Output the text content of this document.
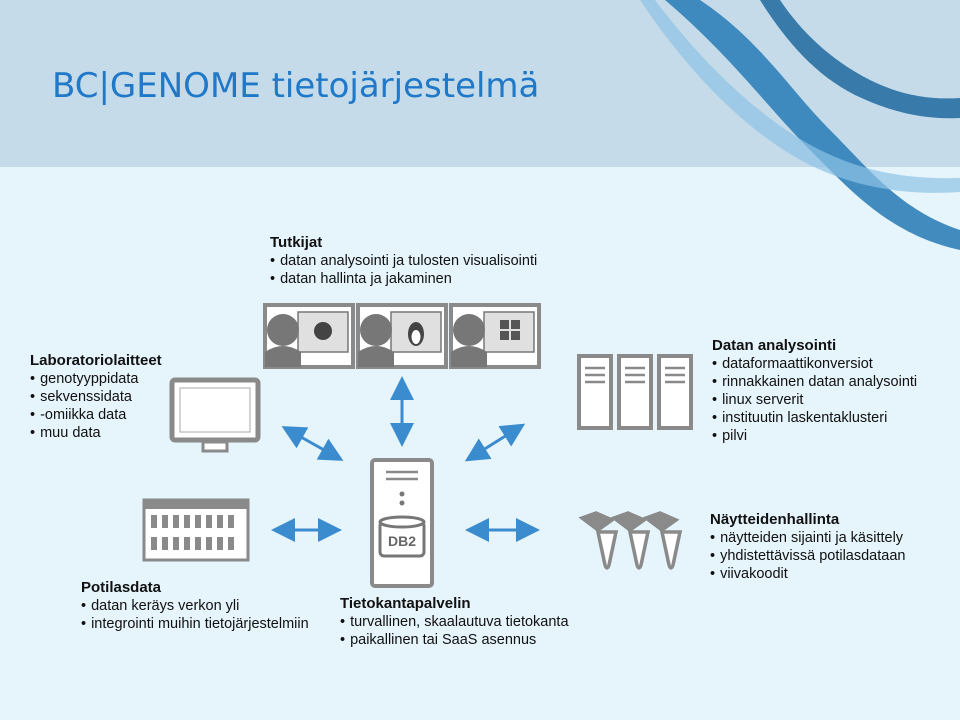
BC|GENOME tietojärjestelmä
DB2
Tutkijat
• datan analysointi ja tulosten visualisointi
• datan hallinta ja jakaminen
Laboratoriolaitteet
• genotyyppidata
• sekvenssidata
• -omiikka data
• muu data
Datan analysointi
• dataformaattikonversiot
• rinnakkainen datan analysointi
• linux serverit
• instituutin laskentaklusteri
• pilvi
Potilasdata
• datan keräys verkon yli
• integrointi muihin tietojärjestelmiin
Tietokantapalvelin
• turvallinen, skaalautuva tietokanta
• paikallinen tai SaaS asennus
Näytteidenhallinta
• näytteiden sijainti ja käsittely
• yhdistettävissä potilasdataan
• viivakoodit
